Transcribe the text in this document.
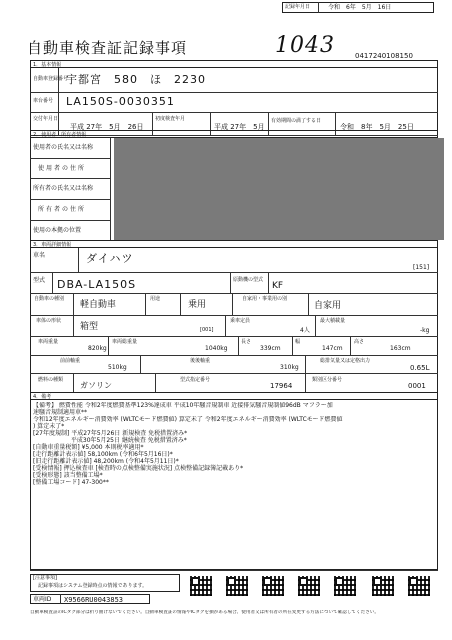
記録年月日	令和　6年　5月　16日
自動車検査証記録事項	1043	0417240108150
1．基本情報
自動車登録番号
宇都宮　580　ほ　2230
車台番号 LA150S-0030351
交付年月日
平成 27年　5月　26日
初度検査年月
平成 27年　5月
有効期間の満了する日
令和　8年　5月　25日
2．使用者・所有者情報
使用者の氏名又は名称
使用者の住所
所有者の氏名又は名称
所有者の住所
使用の本拠の位置
3．車両詳細情報
車名	ダイハツ
[151]
型式 DBA-LA150S	原動機の型式
KF
自動車の種別
軽自動車
用途
乗用
自家用・事業用の別
自家用
車体の形状
箱型	[001]
乗車定員
4人
最大積載量
-kg
車両重量
820kg
車両総重量
1040kg
長さ
339cm
幅
147cm
高さ
163cm
前前軸重
510kg
後後軸重
310kg
総排気量又は定格出力
0.65L
燃料の種類
ガソリン
型式指定番号
17964
類別区分番号
0001
4．備考
【備考】 燃費性能 令和2年度燃費基準123%達成車 平成10年騒音規制車 近接排気騒音規制値96dB マフラー加
速騒音規制適用車**
令和12年度エネルギー消費効率 (WLTCモード燃費値) 算定未了 令和2年度エネルギー消費効率 (WLTCモード燃費値
) 算定未了*
[27年度規制] 平成27年5月26日 新規検査 免税措置済み*
　　　　　　 平成30年5月25日 継続検査 免税措置済み*
[自動車重量税額] ¥5,000 本則税率適用*
[走行距離計表示値] 58,100km (令和6年5月16日)*
[旧走行距離計表示値] 48,200km (令和4年5月11日)*
[受検情報] 押込検査車 [検査時の点検整備実施状況] 点検整備記録簿記載あり*
[受検形態] 該当整備工場*
[整備工場コード] 47-300**
[注意事項]
記録事項はシステム登録時点の情報であります。
車両ID X9566RU0043853
自動車検査証のICタグ部分は折り曲げないでください。自動車検査証の情報やICタグを損がある場合、使用者又は所有者の所在変更する方法について確認してください。
